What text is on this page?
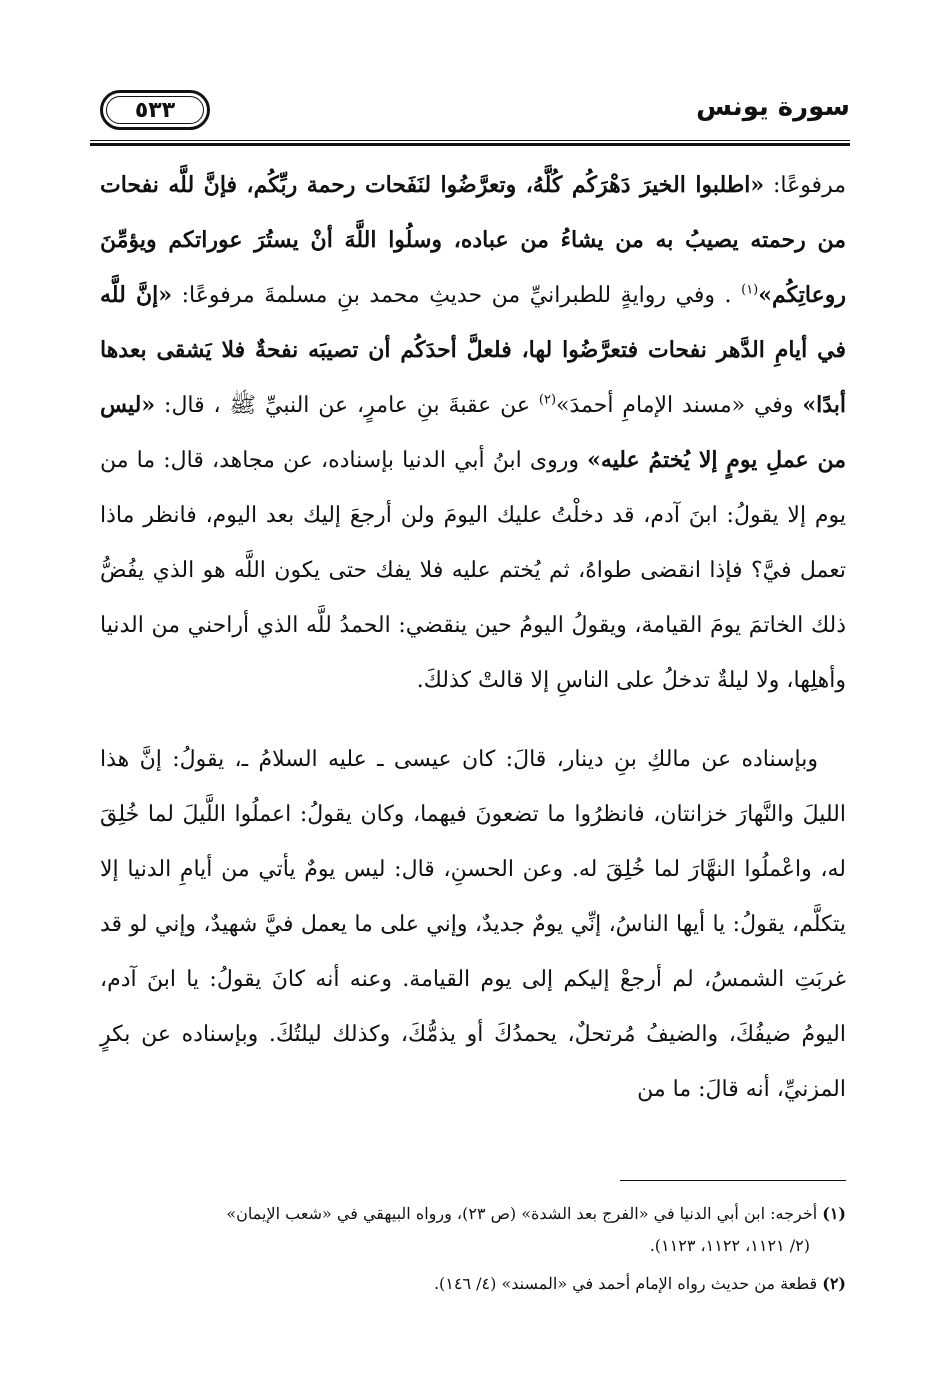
٥٣٣	سورة يونس

مرفوعًا: «اطلبوا الخيرَ دَهْرَكُم كُلَّهُ، وتعرَّضُوا لنَفَحات رحمة ربِّكُم، فإنَّ للَّه نفحات من رحمته يصيبُ به من يشاءُ من عباده، وسلُوا اللَّهَ أنْ يستُرَ عوراتكم ويؤمِّنَ روعاتِكُم»$^{(١)}$ . وفي روايةٍ للطبرانيِّ من حديثِ محمد بنِ مسلمةَ مرفوعًا: «إنَّ للَّه في أيامِ الدَّهر نفحات فتعرَّضُوا لها، فلعلَّ أحدَكُم أن تصيبَه نفحةٌ فلا يَشقى بعدها أبدًا» وفي «مسند الإمامِ أحمدَ»$^{(٢)}$ عن عقبةَ بنِ عامرٍ، عن النبيِّ ﷺ ، قال: «ليس من عملِ يومٍ إلا يُختمُ عليه» وروى ابنُ أبي الدنيا بإسناده، عن مجاهد، قال: ما من يوم إلا يقولُ: ابنَ آدم، قد دخلْتُ عليك اليومَ ولن أرجعَ إليك بعد اليوم، فانظر ماذا تعمل فيَّ؟ فإذا انقضى طواهُ، ثم يُختم عليه فلا يفك حتى يكون اللَّه هو الذي يفُضُّ ذلك الخاتمَ يومَ القيامة، ويقولُ اليومُ حين ينقضي: الحمدُ للَّه الذي أراحني من الدنيا وأهلِها، ولا ليلةٌ تدخلُ على الناسِ إلا قالتْ كذلكَ.

وبإسناده عن مالكِ بنِ دينار، قالَ: كان عيسى ـ عليه السلامُ ـ، يقولُ: إنَّ هذا الليلَ والنَّهارَ خزانتان، فانظرُوا ما تضعونَ فيهما، وكان يقولُ: اعملُوا اللَّيلَ لما خُلِقَ له، واعْملُوا النهَّارَ لما خُلِقَ له. وعن الحسنِ، قال: ليس يومٌ يأتي من أيامِ الدنيا إلا يتكلَّم، يقولُ: يا أيها الناسُ، إنِّي يومٌ جديدٌ، وإني على ما يعمل فيَّ شهيدٌ، وإني لو قد غربَتِ الشمسُ، لم أرجعْ إليكم إلى يوم القيامة. وعنه أنه كانَ يقولُ: يا ابنَ آدم، اليومُ ضيفُكَ، والضيفُ مُرتحلٌ، يحمدُكَ أو يذمُّكَ، وكذلك ليلتُكَ. وبإسناده عن بكرٍ المزنيِّ، أنه قالَ: ما من

(١) أخرجه: ابن أبي الدنيا في «الفرج بعد الشدة» (ص ٢٣)، ورواه البيهقي في «شعب الإيمان»
(٢/ ١١٢١، ١١٢٢، ١١٢٣).

(٢) قطعة من حديث رواه الإمام أحمد في «المسند» (٤/ ١٤٦).
